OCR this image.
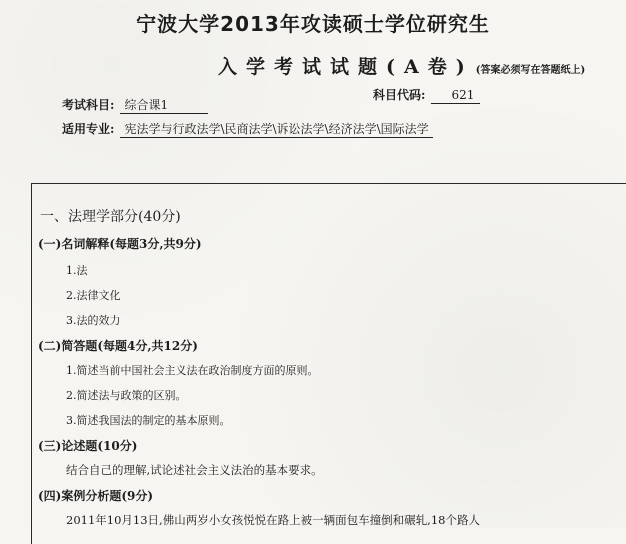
宁波大学2013年攻读硕士学位研究生
入学考试试题(A卷) (答案必须写在答题纸上)
考试科目: 综合课1
科目代码: 621
适用专业: 宪法学与行政法学\民商法学\诉讼法学\经济法学\国际法学
一、法理学部分(40分)
(一)名词解释(每题3分,共9分)
1.法
2.法律文化
3.法的效力
(二)简答题(每题4分,共12分)
1.简述当前中国社会主义法在政治制度方面的原则。
2.简述法与政策的区别。
3.简述我国法的制定的基本原则。
(三)论述题(10分)
结合自己的理解,试论述社会主义法治的基本要求。
(四)案例分析题(9分)
2011年10月13日,佛山两岁小女孩悦悦在路上被一辆面包车撞倒和碾轧,18个路人
